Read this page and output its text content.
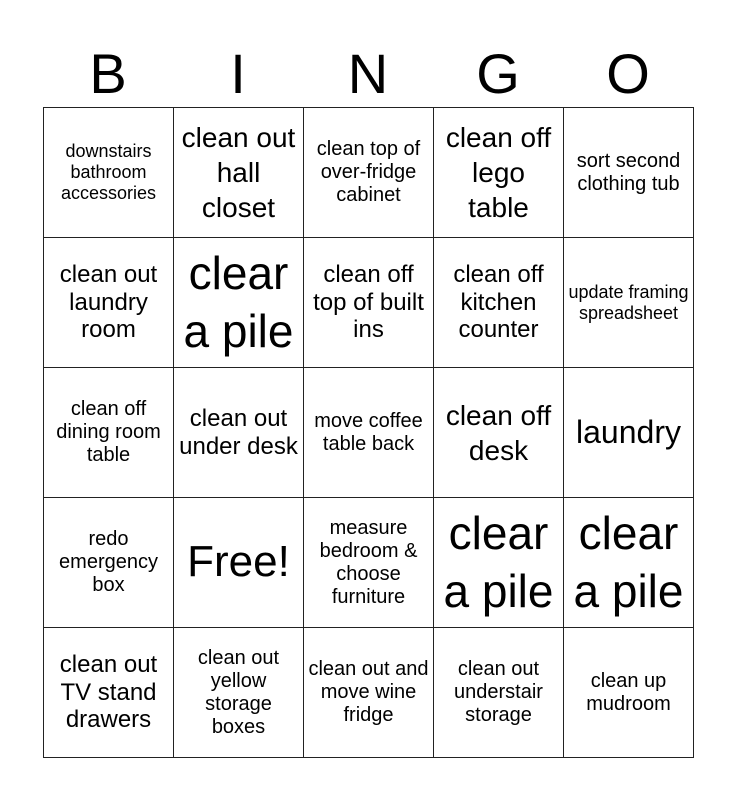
B	I	N	G	O
downstairs bathroom accessories	clean out hall closet	clean top of over-fridge cabinet	clean off lego table	sort second clothing tub
clean out laundry room	clear a pile	clean off top of built ins	clean off kitchen counter	update framing spreadsheet
clean off dining room table	clean out under desk	move coffee table back	clean off desk	laundry
redo emergency box	Free!	measure bedroom & choose furniture	clear a pile	clear a pile
clean out TV stand drawers	clean out yellow storage boxes	clean out and move wine fridge	clean out understair storage	clean up mudroom
